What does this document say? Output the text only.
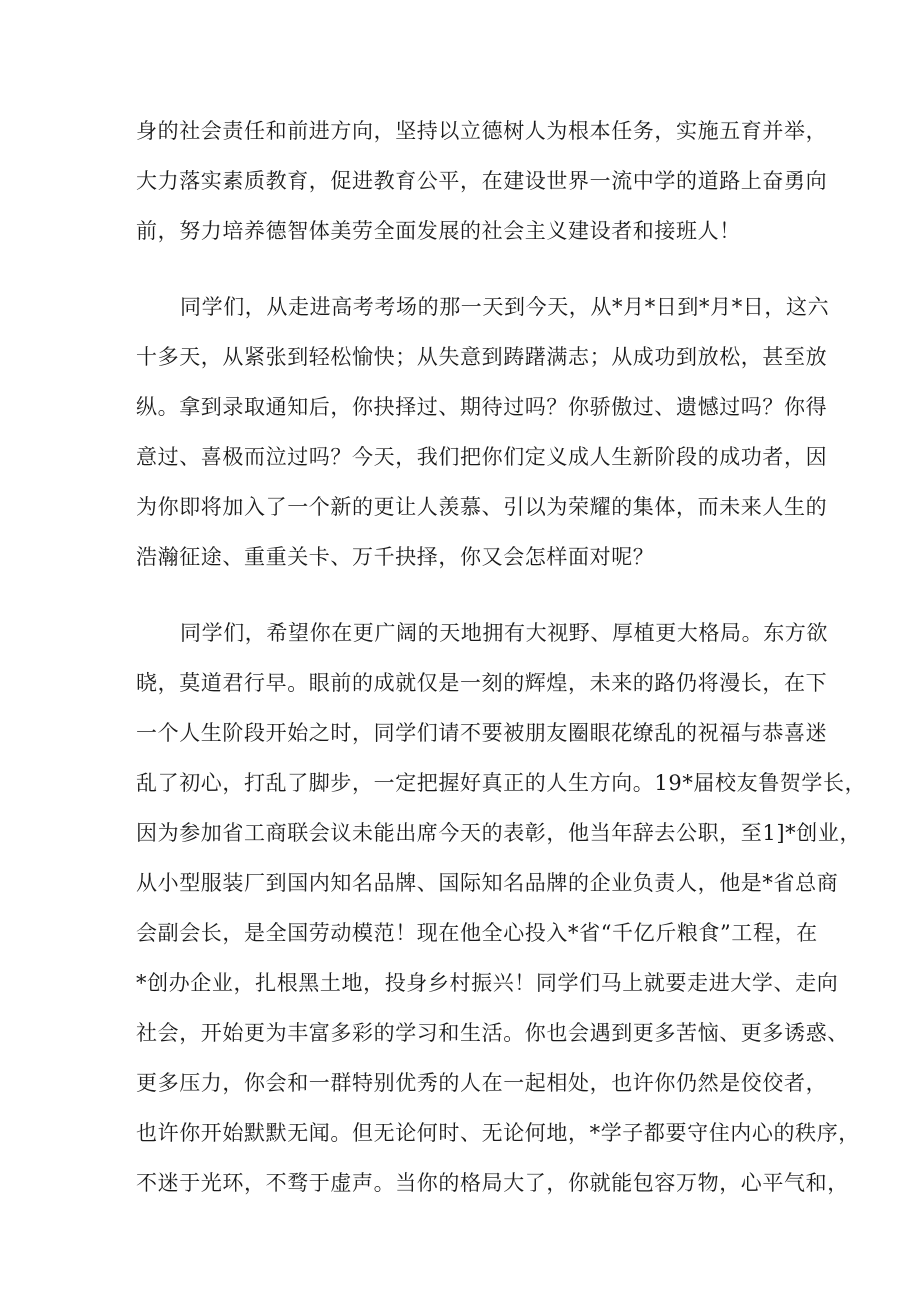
身的社会责任和前进方向，坚持以立德树人为根本任务，实施五育并举，
大力落实素质教育，促进教育公平，在建设世界一流中学的道路上奋勇向
前，努力培养德智体美劳全面发展的社会主义建设者和接班人！
同学们，从走进高考考场的那一天到今天，从*月*日到*月*日，这六
十多天，从紧张到轻松愉快；从失意到踌躇满志；从成功到放松，甚至放
纵。拿到录取通知后，你抉择过、期待过吗？你骄傲过、遗憾过吗？你得
意过、喜极而泣过吗？今天，我们把你们定义成人生新阶段的成功者，因
为你即将加入了一个新的更让人羡慕、引以为荣耀的集体，而未来人生的
浩瀚征途、重重关卡、万千抉择，你又会怎样面对呢？
同学们，希望你在更广阔的天地拥有大视野、厚植更大格局。东方欲
晓，莫道君行早。眼前的成就仅是一刻的辉煌，未来的路仍将漫长，在下
一个人生阶段开始之时，同学们请不要被朋友圈眼花缭乱的祝福与恭喜迷
乱了初心，打乱了脚步，一定把握好真正的人生方向。19*届校友鲁贺学长，
因为参加省工商联会议未能出席今天的表彰，他当年辞去公职，至1]*创业，
从小型服装厂到国内知名品牌、国际知名品牌的企业负责人，他是*省总商
会副会长，是全国劳动模范！现在他全心投入*省“千亿斤粮食”工程，在
*创办企业，扎根黑土地，投身乡村振兴！同学们马上就要走进大学、走向
社会，开始更为丰富多彩的学习和生活。你也会遇到更多苦恼、更多诱惑、
更多压力，你会和一群特别优秀的人在一起相处，也许你仍然是佼佼者，
也许你开始默默无闻。但无论何时、无论何地，*学子都要守住内心的秩序，
不迷于光环，不骛于虚声。当你的格局大了，你就能包容万物，心平气和，
